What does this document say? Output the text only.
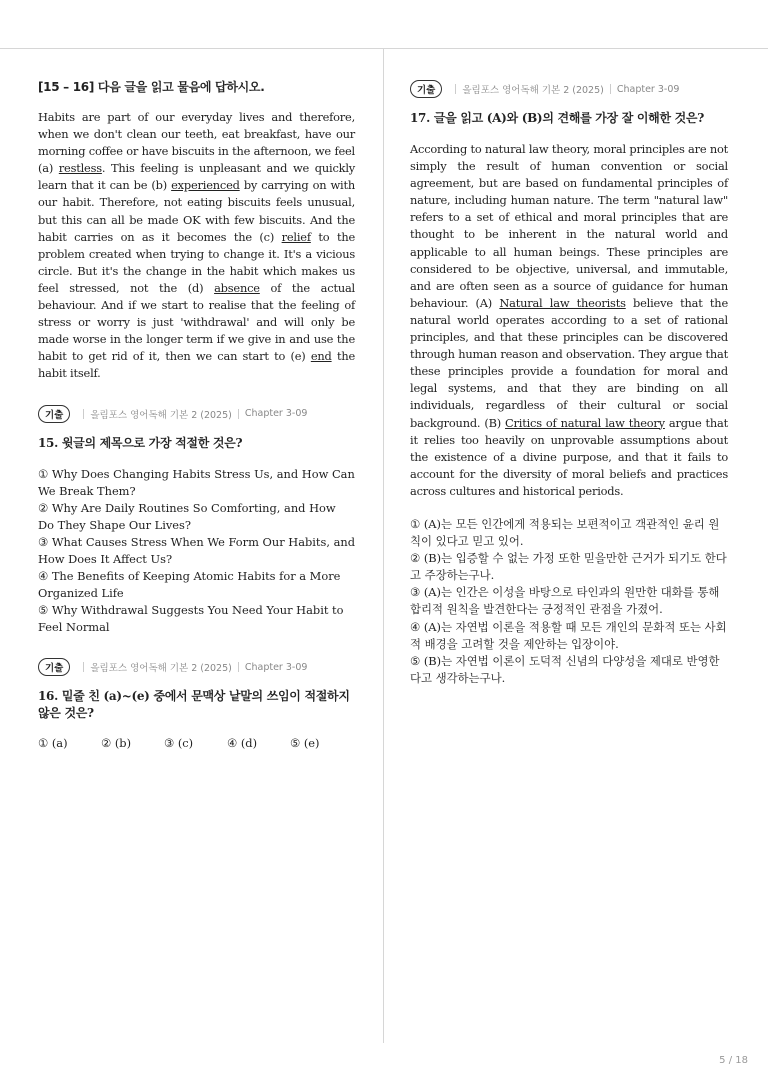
[15 – 16] 다음 글을 읽고 물음에 답하시오.

Habits are part of our everyday lives and therefore, when we don't clean our teeth, eat breakfast, have our morning coffee or have biscuits in the afternoon, we feel (a) restless. This feeling is unpleasant and we quickly learn that it can be (b) experienced by carrying on with our habit. Therefore, not eating biscuits feels unusual, but this can all be made OK with few biscuits. And the habit carries on as it becomes the (c) relief to the problem created when trying to change it. It's a vicious circle. But it's the change in the habit which makes us feel stressed, not the (d) absence of the actual behaviour. And if we start to realise that the feeling of stress or worry is just 'withdrawal' and will only be made worse in the longer term if we give in and use the habit to get rid of it, then we can start to (e) end the habit itself.

기출	올림포스 영어독해 기본 2 (2025) Chapter 3-09
15. 윗글의 제목으로 가장 적절한 것은?
① Why Does Changing Habits Stress Us, and How Can We Break Them?
② Why Are Daily Routines So Comforting, and How Do They Shape Our Lives?
③ What Causes Stress When We Form Our Habits, and How Does It Affect Us?
④ The Benefits of Keeping Atomic Habits for a More Organized Life
⑤ Why Withdrawal Suggests You Need Your Habit to Feel Normal
기출	올림포스 영어독해 기본 2 (2025) Chapter 3-09
16. 밑줄 친 (a)~(e) 중에서 문맥상 낱말의 쓰임이 적절하지 않은 것은?
① (a)	② (b)	③ (c)	④ (d)	⑤ (e)
기출	올림포스 영어독해 기본 2 (2025) Chapter 3-09
17. 글을 읽고 (A)와 (B)의 견해를 가장 잘 이해한 것은?

According to natural law theory, moral principles are not simply the result of human convention or social agreement, but are based on fundamental principles of nature, including human nature. The term "natural law" refers to a set of ethical and moral principles that are thought to be inherent in the natural world and applicable to all human beings. These principles are considered to be objective, universal, and immutable, and are often seen as a source of guidance for human behaviour. (A) Natural law theorists believe that the natural world operates according to a set of rational principles, and that these principles can be discovered through human reason and observation. They argue that these principles provide a foundation for moral and legal systems, and that they are binding on all individuals, regardless of their cultural or social background. (B) Critics of natural law theory argue that it relies too heavily on unprovable assumptions about the existence of a divine purpose, and that it fails to account for the diversity of moral beliefs and practices across cultures and historical periods.

① (A)는 모든 인간에게 적용되는 보편적이고 객관적인 윤리 원칙이 있다고 믿고 있어.
② (B)는 입증할 수 없는 가정 또한 믿을만한 근거가 되기도 한다고 주장하는구나.
③ (A)는 인간은 이성을 바탕으로 타인과의 원만한 대화를 통해 합리적 원칙을 발견한다는 긍정적인 관점을 가졌어.
④ (A)는 자연법 이론을 적용할 때 모든 개인의 문화적 또는 사회적 배경을 고려할 것을 제안하는 입장이야.
⑤ (B)는 자연법 이론이 도덕적 신념의 다양성을 제대로 반영한다고 생각하는구나.
5 / 18
